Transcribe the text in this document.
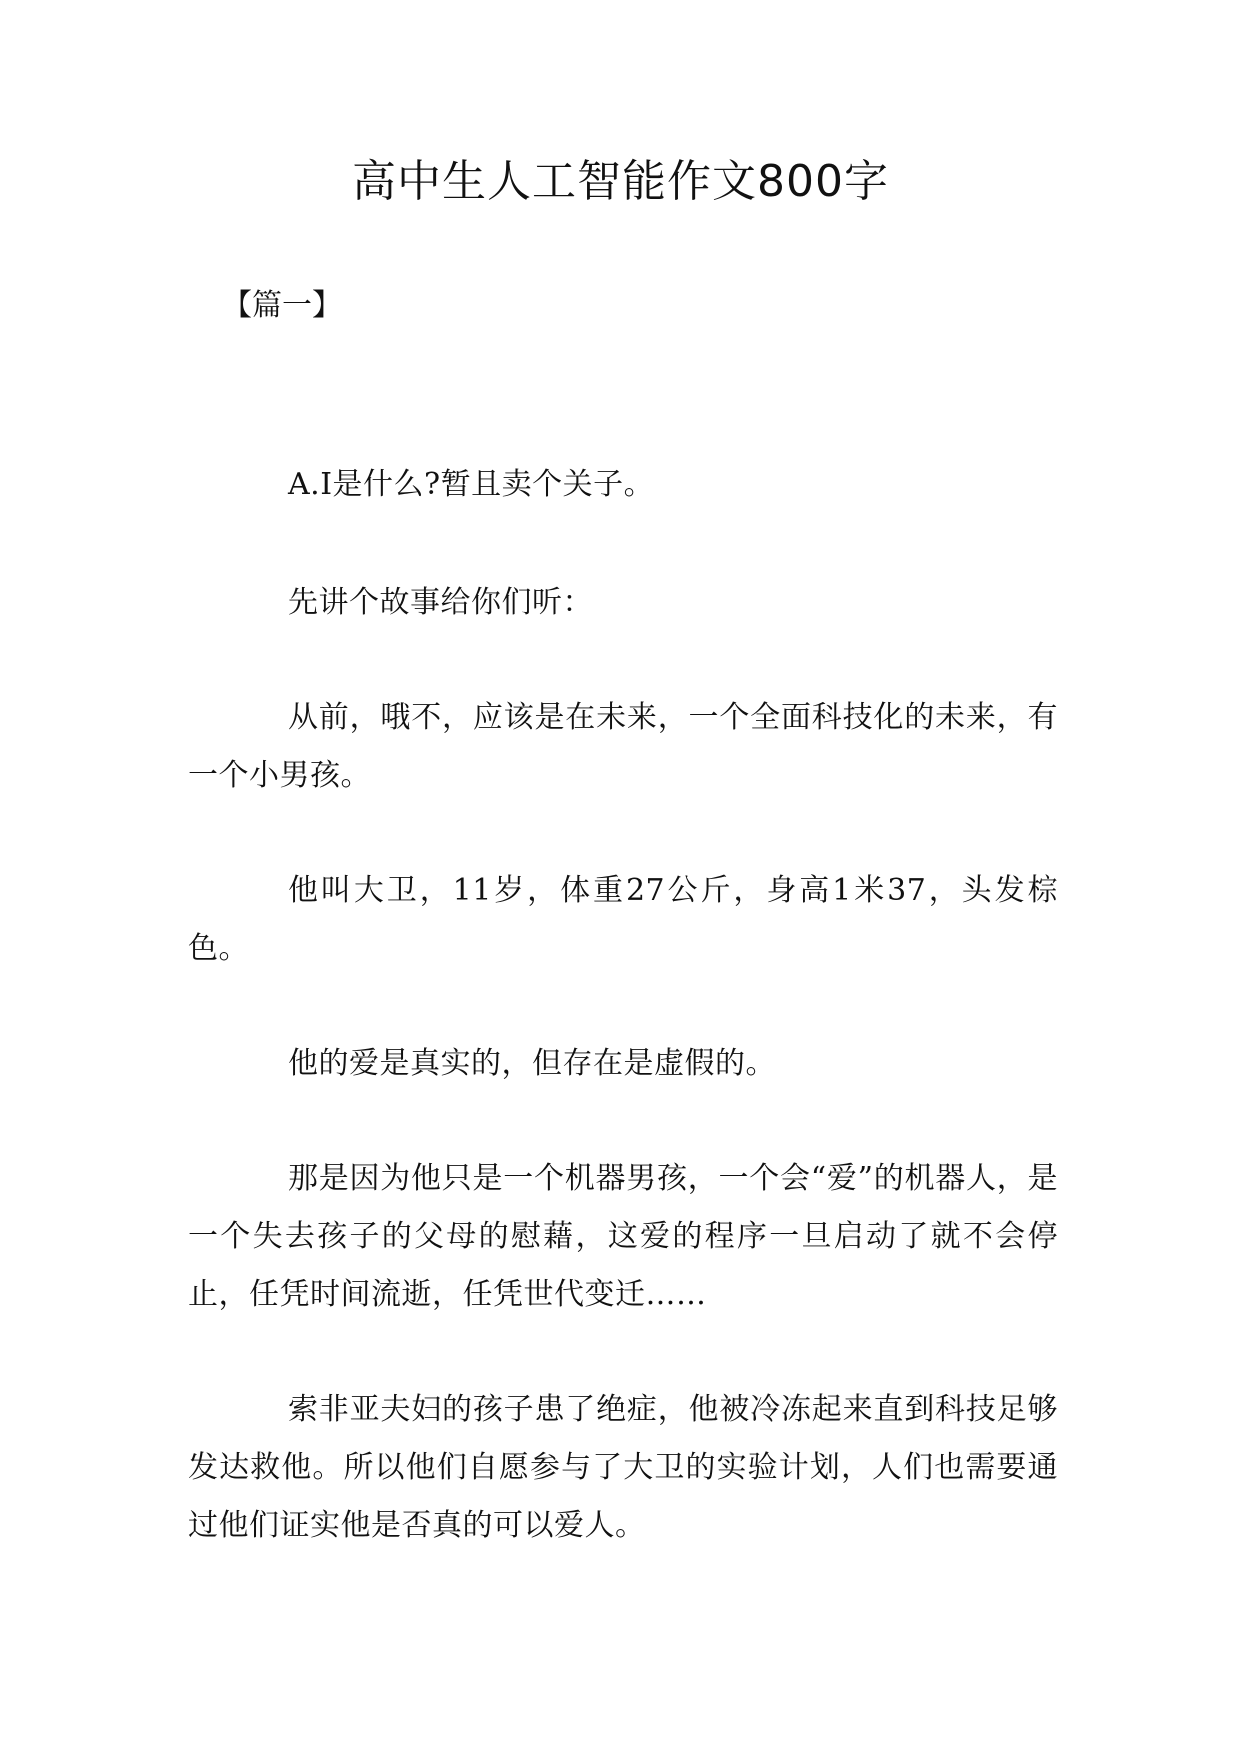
高中生人工智能作文800字
【篇一】

A.I是什么?暂且卖个关子。

先讲个故事给你们听：

从前，哦不，应该是在未来，一个全面科技化的未来，有一个小男孩。

他叫大卫，11岁，体重27公斤，身高1米37，头发棕色。

他的爱是真实的，但存在是虚假的。

那是因为他只是一个机器男孩，一个会“爱”的机器人，是一个失去孩子的父母的慰藉，这爱的程序一旦启动了就不会停止，任凭时间流逝，任凭世代变迁……

索非亚夫妇的孩子患了绝症，他被冷冻起来直到科技足够发达救他。所以他们自愿参与了大卫的实验计划，人们也需要通过他们证实他是否真的可以爱人。
